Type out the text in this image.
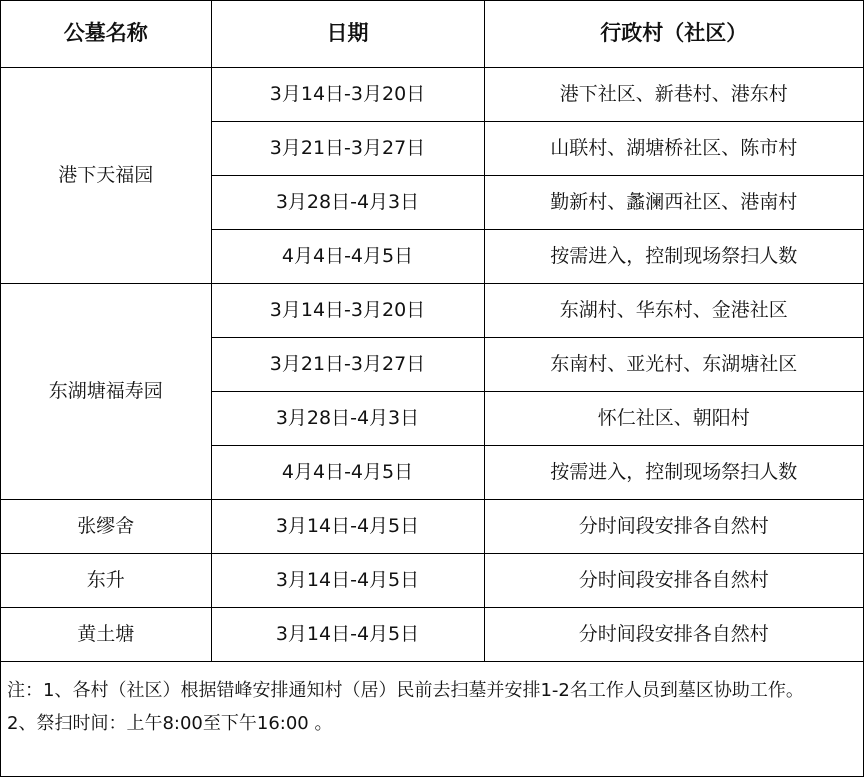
公墓名称	日期	行政村（社区）
港下天福园	3月14日-3月20日	港下社区、新巷村、港东村
	3月21日-3月27日	山联村、湖塘桥社区、陈市村
	3月28日-4月3日	勤新村、蠡澜西社区、港南村
	4月4日-4月5日	按需进入，控制现场祭扫人数
东湖塘福寿园	3月14日-3月20日	东湖村、华东村、金港社区
	3月21日-3月27日	东南村、亚光村、东湖塘社区
	3月28日-4月3日	怀仁社区、朝阳村
	4月4日-4月5日	按需进入，控制现场祭扫人数
张缪舍	3月14日-4月5日	分时间段安排各自然村
东升	3月14日-4月5日	分时间段安排各自然村
黄土塘	3月14日-4月5日	分时间段安排各自然村
注：1、各村（社区）根据错峰安排通知村（居）民前去扫墓并安排1-2名工作人员到墓区协助工作。
2、祭扫时间：上午8:00至下午16:00 。
